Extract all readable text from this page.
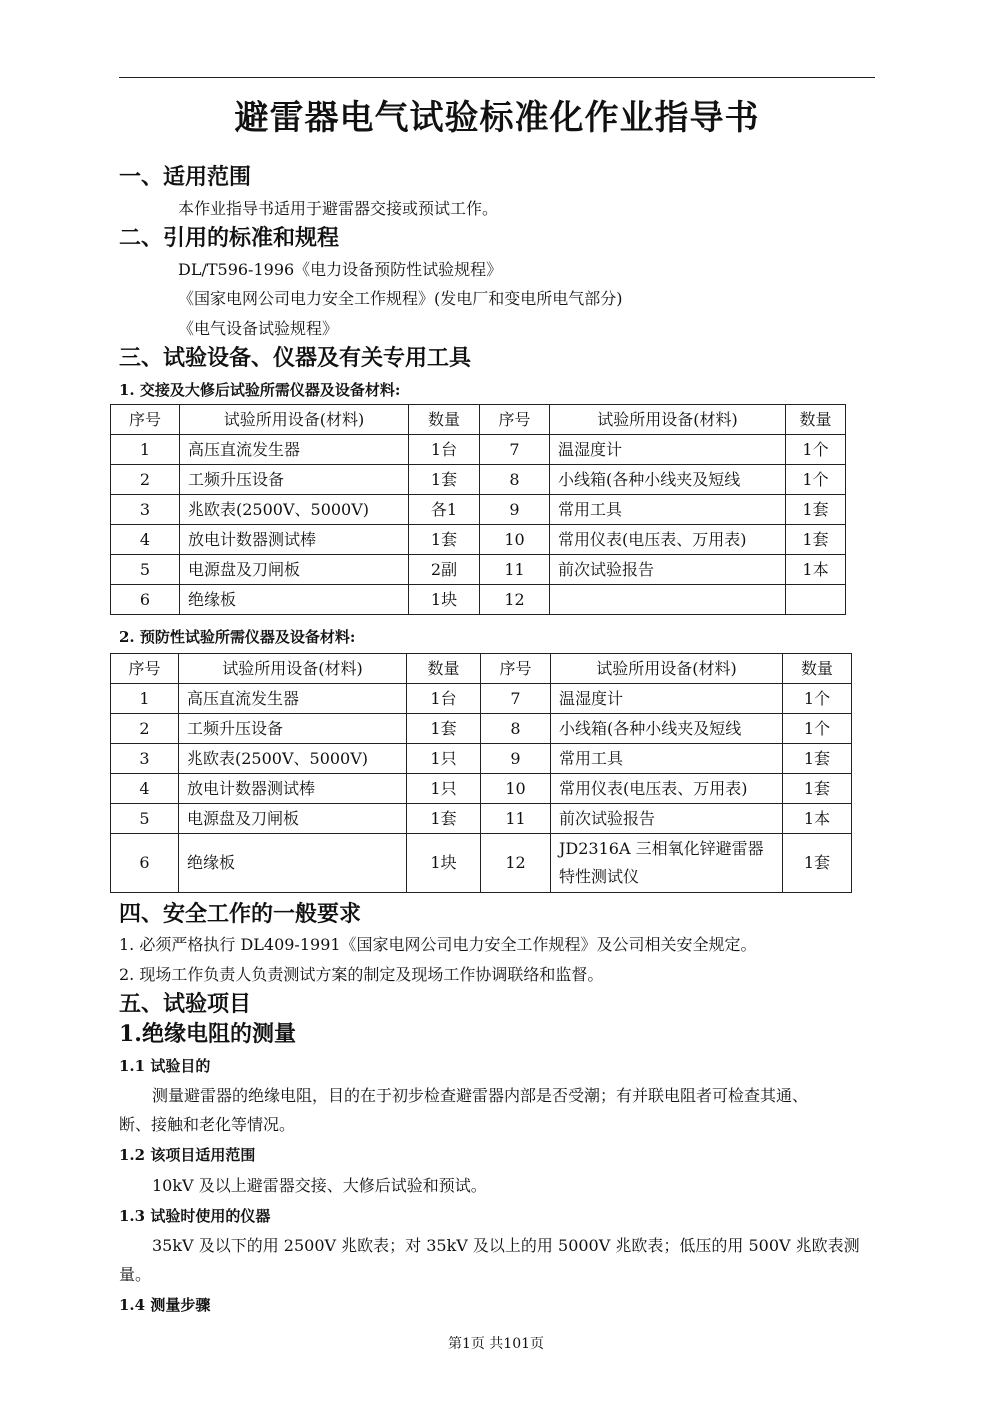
避雷器电气试验标准化作业指导书
一、适用范围
本作业指导书适用于避雷器交接或预试工作。
二、引用的标准和规程
DL/T596-1996《电力设备预防性试验规程》
《国家电网公司电力安全工作规程》(发电厂和变电所电气部分)
《电气设备试验规程》
三、试验设备、仪器及有关专用工具
1. 交接及大修后试验所需仪器及设备材料:
序号	试验所用设备(材料)	数量	序号	试验所用设备(材料)	数量
1	高压直流发生器	1台	7	温湿度计	1个
2	工频升压设备	1套	8	小线箱(各种小线夹及短线	1个
3	兆欧表(2500V、5000V)	各1	9	常用工具	1套
4	放电计数器测试棒	1套	10	常用仪表(电压表、万用表)	1套
5	电源盘及刀闸板	2副	11	前次试验报告	1本
6	绝缘板	1块	12		
2. 预防性试验所需仪器及设备材料:
序号	试验所用设备(材料)	数量	序号	试验所用设备(材料)	数量
1	高压直流发生器	1台	7	温湿度计	1个
2	工频升压设备	1套	8	小线箱(各种小线夹及短线	1个
3	兆欧表(2500V、5000V)	1只	9	常用工具	1套
4	放电计数器测试棒	1只	10	常用仪表(电压表、万用表)	1套
5	电源盘及刀闸板	1套	11	前次试验报告	1本
6	绝缘板	1块	12	JD2316A 三相氧化锌避雷器
特性测试仪	1套
四、安全工作的一般要求
1. 必须严格执行 DL409-1991《国家电网公司电力安全工作规程》及公司相关安全规定。
2. 现场工作负责人负责测试方案的制定及现场工作协调联络和监督。
五、试验项目
1.绝缘电阻的测量
1.1 试验目的
测量避雷器的绝缘电阻，目的在于初步检查避雷器内部是否受潮；有并联电阻者可检查其通、
断、接触和老化等情况。
1.2 该项目适用范围
10kV 及以上避雷器交接、大修后试验和预试。
1.3 试验时使用的仪器
35kV 及以下的用 2500V 兆欧表；对 35kV 及以上的用 5000V 兆欧表；低压的用 500V 兆欧表测
量。
1.4 测量步骤
第1页 共101页
